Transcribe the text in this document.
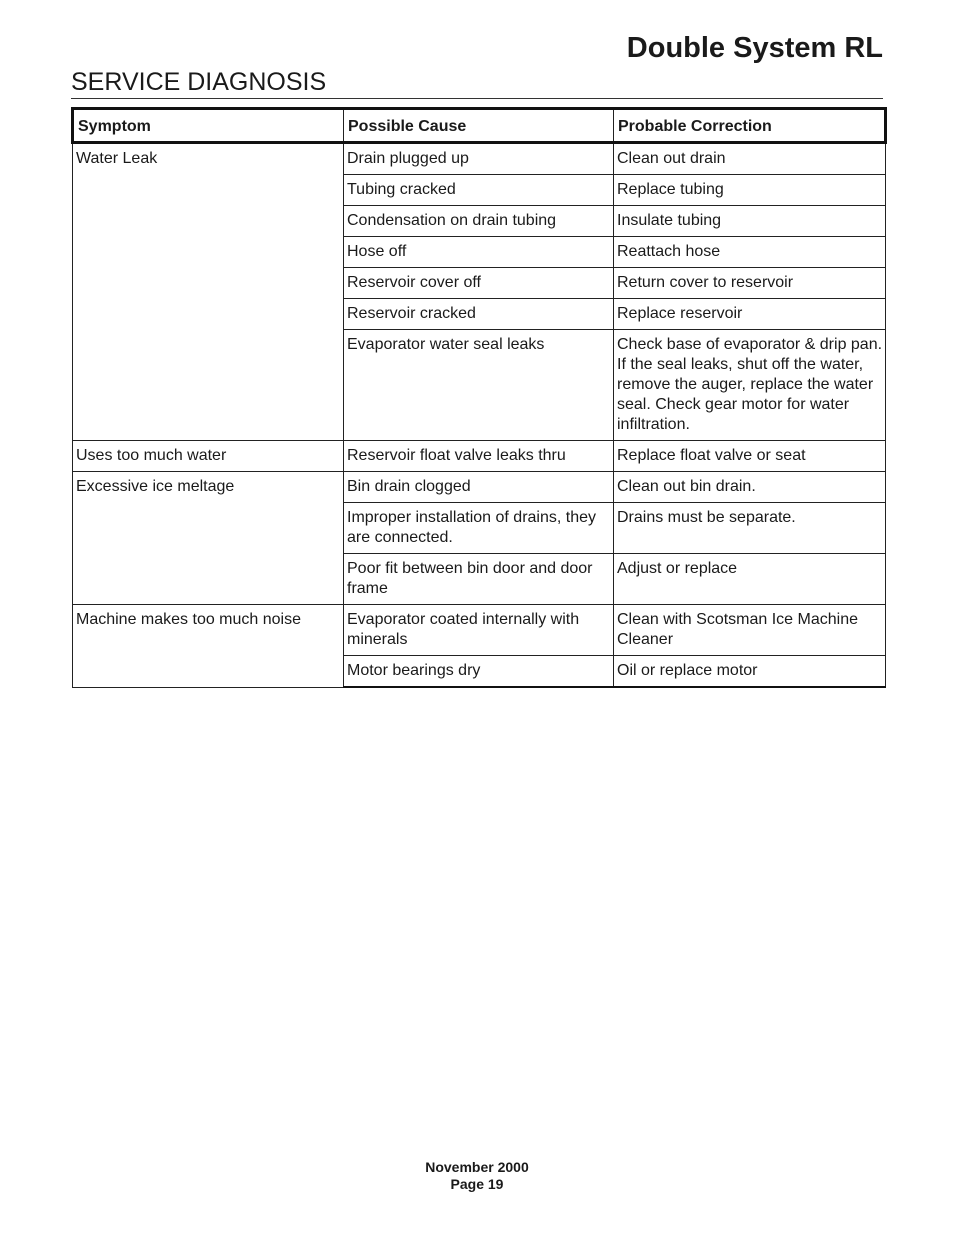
Double System RL
SERVICE DIAGNOSIS
Symptom	Possible Cause	Probable Correction
Water Leak	Drain plugged up	Clean out drain
	Tubing cracked	Replace tubing
	Condensation on drain tubing	Insulate tubing
	Hose off	Reattach hose
	Reservoir cover off	Return cover to reservoir
	Reservoir cracked	Replace reservoir
	Evaporator water seal leaks	Check base of evaporator & drip pan. If the seal leaks, shut off the water, remove the auger, replace the water seal. Check gear motor for water infiltration.
Uses too much water	Reservoir float valve leaks thru	Replace float valve or seat
Excessive ice meltage	Bin drain clogged	Clean out bin drain.
	Improper installation of drains, they are connected.	Drains must be separate.
	Poor fit between bin door and door frame	Adjust or replace
Machine makes too much noise	Evaporator coated internally with minerals	Clean with Scotsman Ice Machine Cleaner
	Motor bearings dry	Oil or replace motor
November 2000
Page 19
